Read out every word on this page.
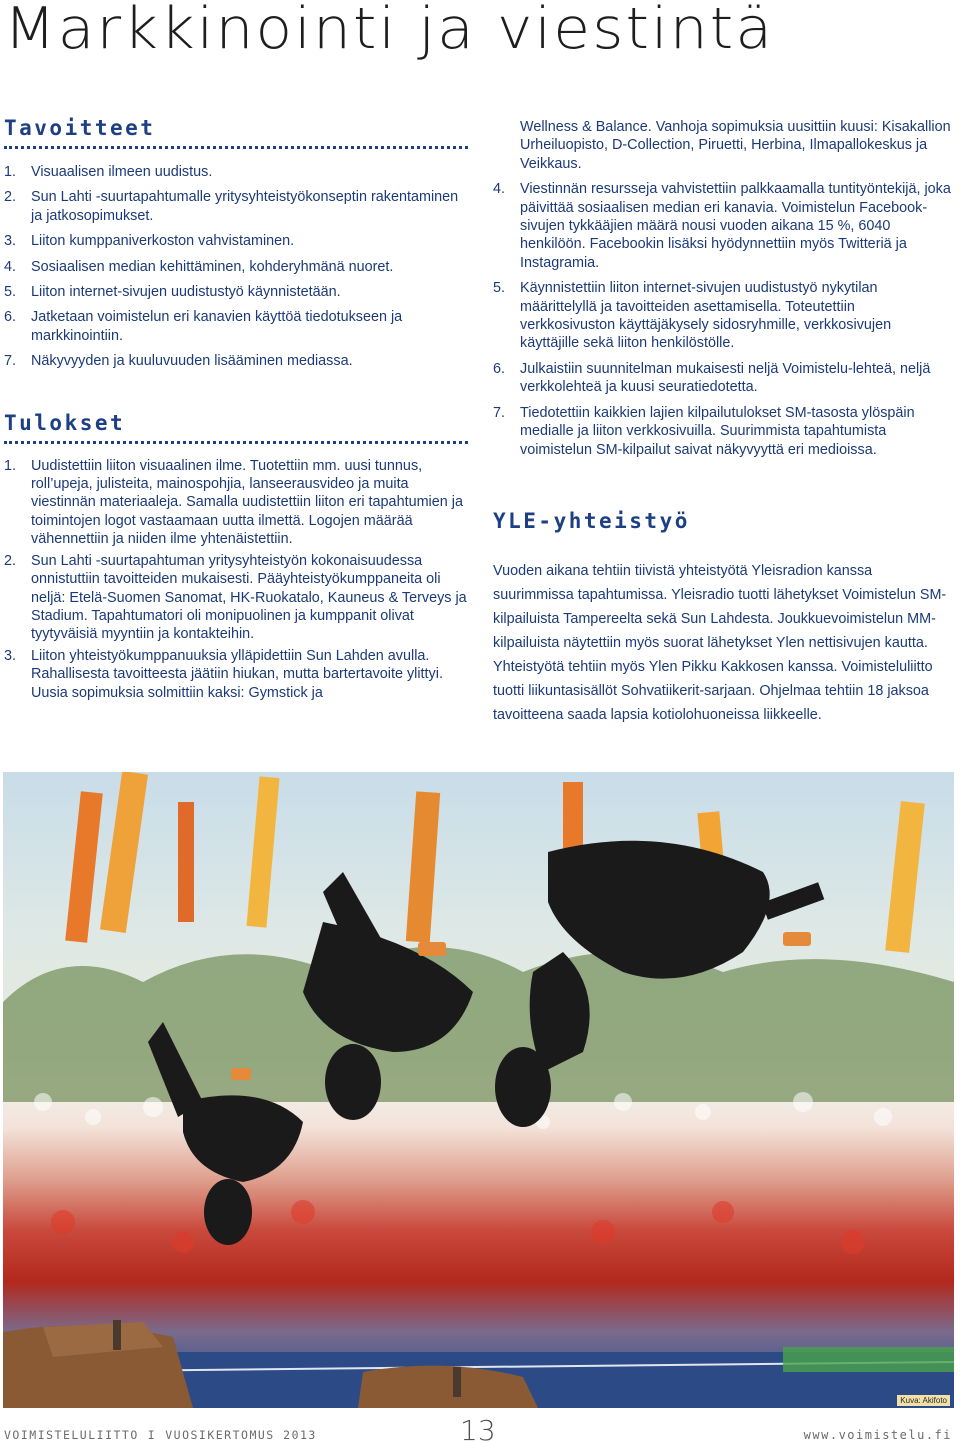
Markkinointi ja viestintä
Tavoitteet
1. Visuaalisen ilmeen uudistus.
2. Sun Lahti -suurtapahtumalle yritysyhteistyökonseptin rakentaminen ja jatkosopimukset.
3. Liiton kumppaniverkoston vahvistaminen.
4. Sosiaalisen median kehittäminen, kohderyhmänä nuoret.
5. Liiton internet-sivujen uudistustyö käynnistetään.
6. Jatketaan voimistelun eri kanavien käyttöä tiedotukseen ja markkinointiin.
7. Näkyvyyden ja kuuluvuuden lisääminen mediassa.
Tulokset
1. Uudistettiin liiton visuaalinen ilme. Tuotettiin mm. uusi tunnus, roll’upeja, julisteita, mainospohjia, lanseerausvideo ja muita viestinnän materiaaleja. Samalla uudistettiin liiton eri tapahtumien ja toimintojen logot vastaamaan uutta ilmettä. Logojen määrää vähennettiin ja niiden ilme yhtenäistettiin.
2. Sun Lahti -suurtapahtuman yritysyhteistyön kokonaisuudessa onnistuttiin tavoitteiden mukaisesti. Pääyhteistyökumppaneita oli neljä: Etelä-Suomen Sanomat, HK-Ruokatalo, Kauneus & Terveys ja Stadium. Tapahtumatori oli monipuolinen ja kumppanit olivat tyytyväisiä myyntiin ja kontakteihin.
3. Liiton yhteistyökumppanuuksia ylläpidettiin Sun Lahden avulla. Rahallisesta tavoitteesta jäätiin hiukan, mutta bartertavoite ylittyi. Uusia sopimuksia solmittiin kaksi: Gymstick ja
Wellness & Balance. Vanhoja sopimuksia uusittiin kuusi: Kisakallion Urheiluopisto, D-Collection, Piruetti, Herbina, Ilmapallokeskus ja Veikkaus.
4. Viestinnän resursseja vahvistettiin palkkaamalla tuntityöntekijä, joka päivittää sosiaalisen median eri kanavia. Voimistelun Facebook-sivujen tykkääjien määrä nousi vuoden aikana 15 %, 6040 henkilöön. Facebookin lisäksi hyödynnettiin myös Twitteriä ja Instagramia.
5. Käynnistettiin liiton internet-sivujen uudistustyö nykytilan määrittelyllä ja tavoitteiden asettamisella. Toteutettiin verkkosivuston käyttäjäkysely sidosryhmille, verkkosivujen käyttäjille sekä liiton henkilöstölle.
6. Julkaistiin suunnitelman mukaisesti neljä Voimistelu-lehteä, neljä verkkolehteä ja kuusi seuratiedotetta.
7. Tiedotettiin kaikkien lajien kilpailutulokset SM-tasosta ylöspäin medialle ja liiton verkkosivuilla. Suurimmista tapahtumista voimistelun SM-kilpailut saivat näkyvyyttä eri medioissa.
YLE-yhteistyö

Vuoden aikana tehtiin tiivistä yhteistyötä Yleisradion kanssa suurimmissa tapahtumissa. Yleisradio tuotti lähetykset Voimistelun SM-kilpailuista Tampereelta sekä Sun Lahdesta. Joukkuevoimistelun MM-kilpailuista näytettiin myös suorat lähetykset Ylen nettisivujen kautta. Yhteistyötä tehtiin myös Ylen Pikku Kakkosen kanssa. Voimisteluliitto tuotti liikuntasisällöt Sohvatiikerit-sarjaan. Ohjelmaa tehtiin 18 jaksoa tavoitteena saada lapsia kotiolohuoneissa liikkeelle.

Kuva: Akifoto
VOIMISTELULIITTO I VUOSIKERTOMUS 2013	13	www.voimistelu.fi
